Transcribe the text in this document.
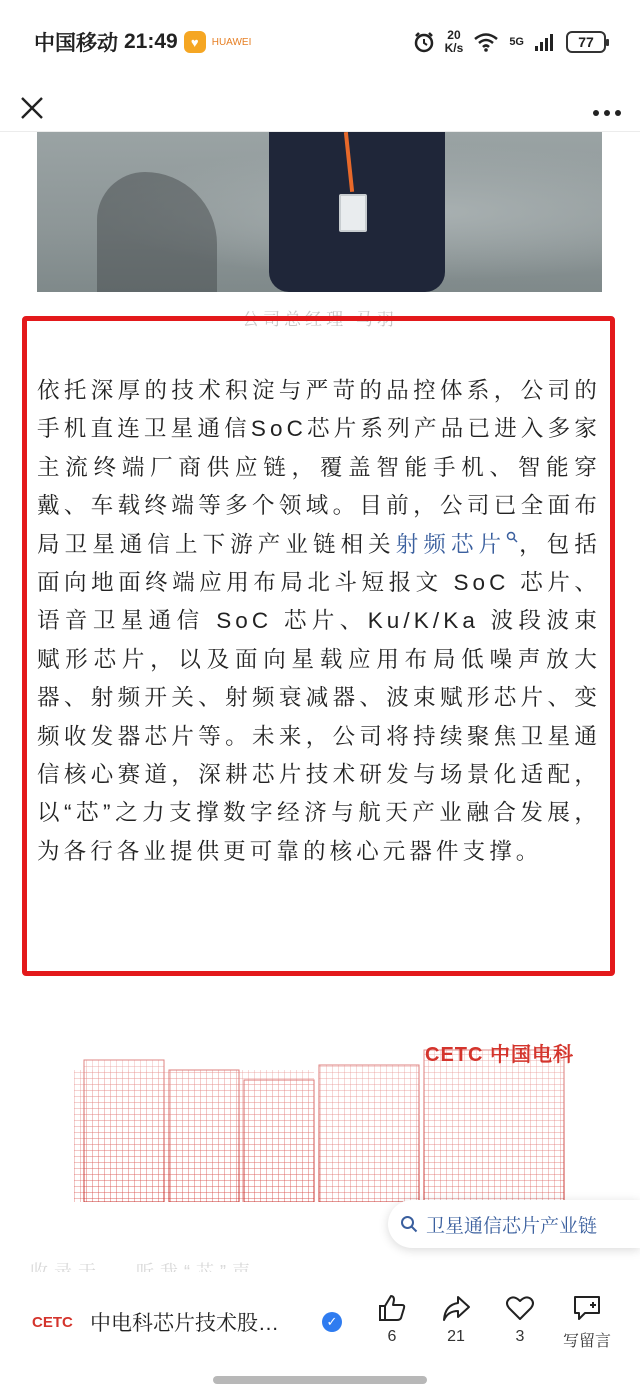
中国移动 21:49	♥	HUAWEI	20
K/s	5G	77
公司总经理 马羽

依托深厚的技术积淀与严苛的品控体系，公司的手机直连卫星通信SoC芯片系列产品已进入多家主流终端厂商供应链，覆盖智能手机、智能穿戴、车载终端等多个领域。目前，公司已全面布局卫星通信上下游产业链相关射频芯片 ，包括面向地面终端应用布局北斗短报文 SoC 芯片、语音卫星通信 SoC 芯片、Ku/K/Ka 波段波束赋形芯片，以及面向星载应用布局低噪声放大器、射频开关、射频衰减器、波束赋形芯片、变频收发器芯片等。未来，公司将持续聚焦卫星通信核心赛道，深耕芯片技术研发与场景化适配，以“芯”之力支撑数字经济与航天产业融合发展，为各行各业提供更可靠的核心元器件支撑。

CETC 中国电科
卫星通信芯片产业链
CETC 中电科芯片技术股…	✓
6	21	3 写留言
